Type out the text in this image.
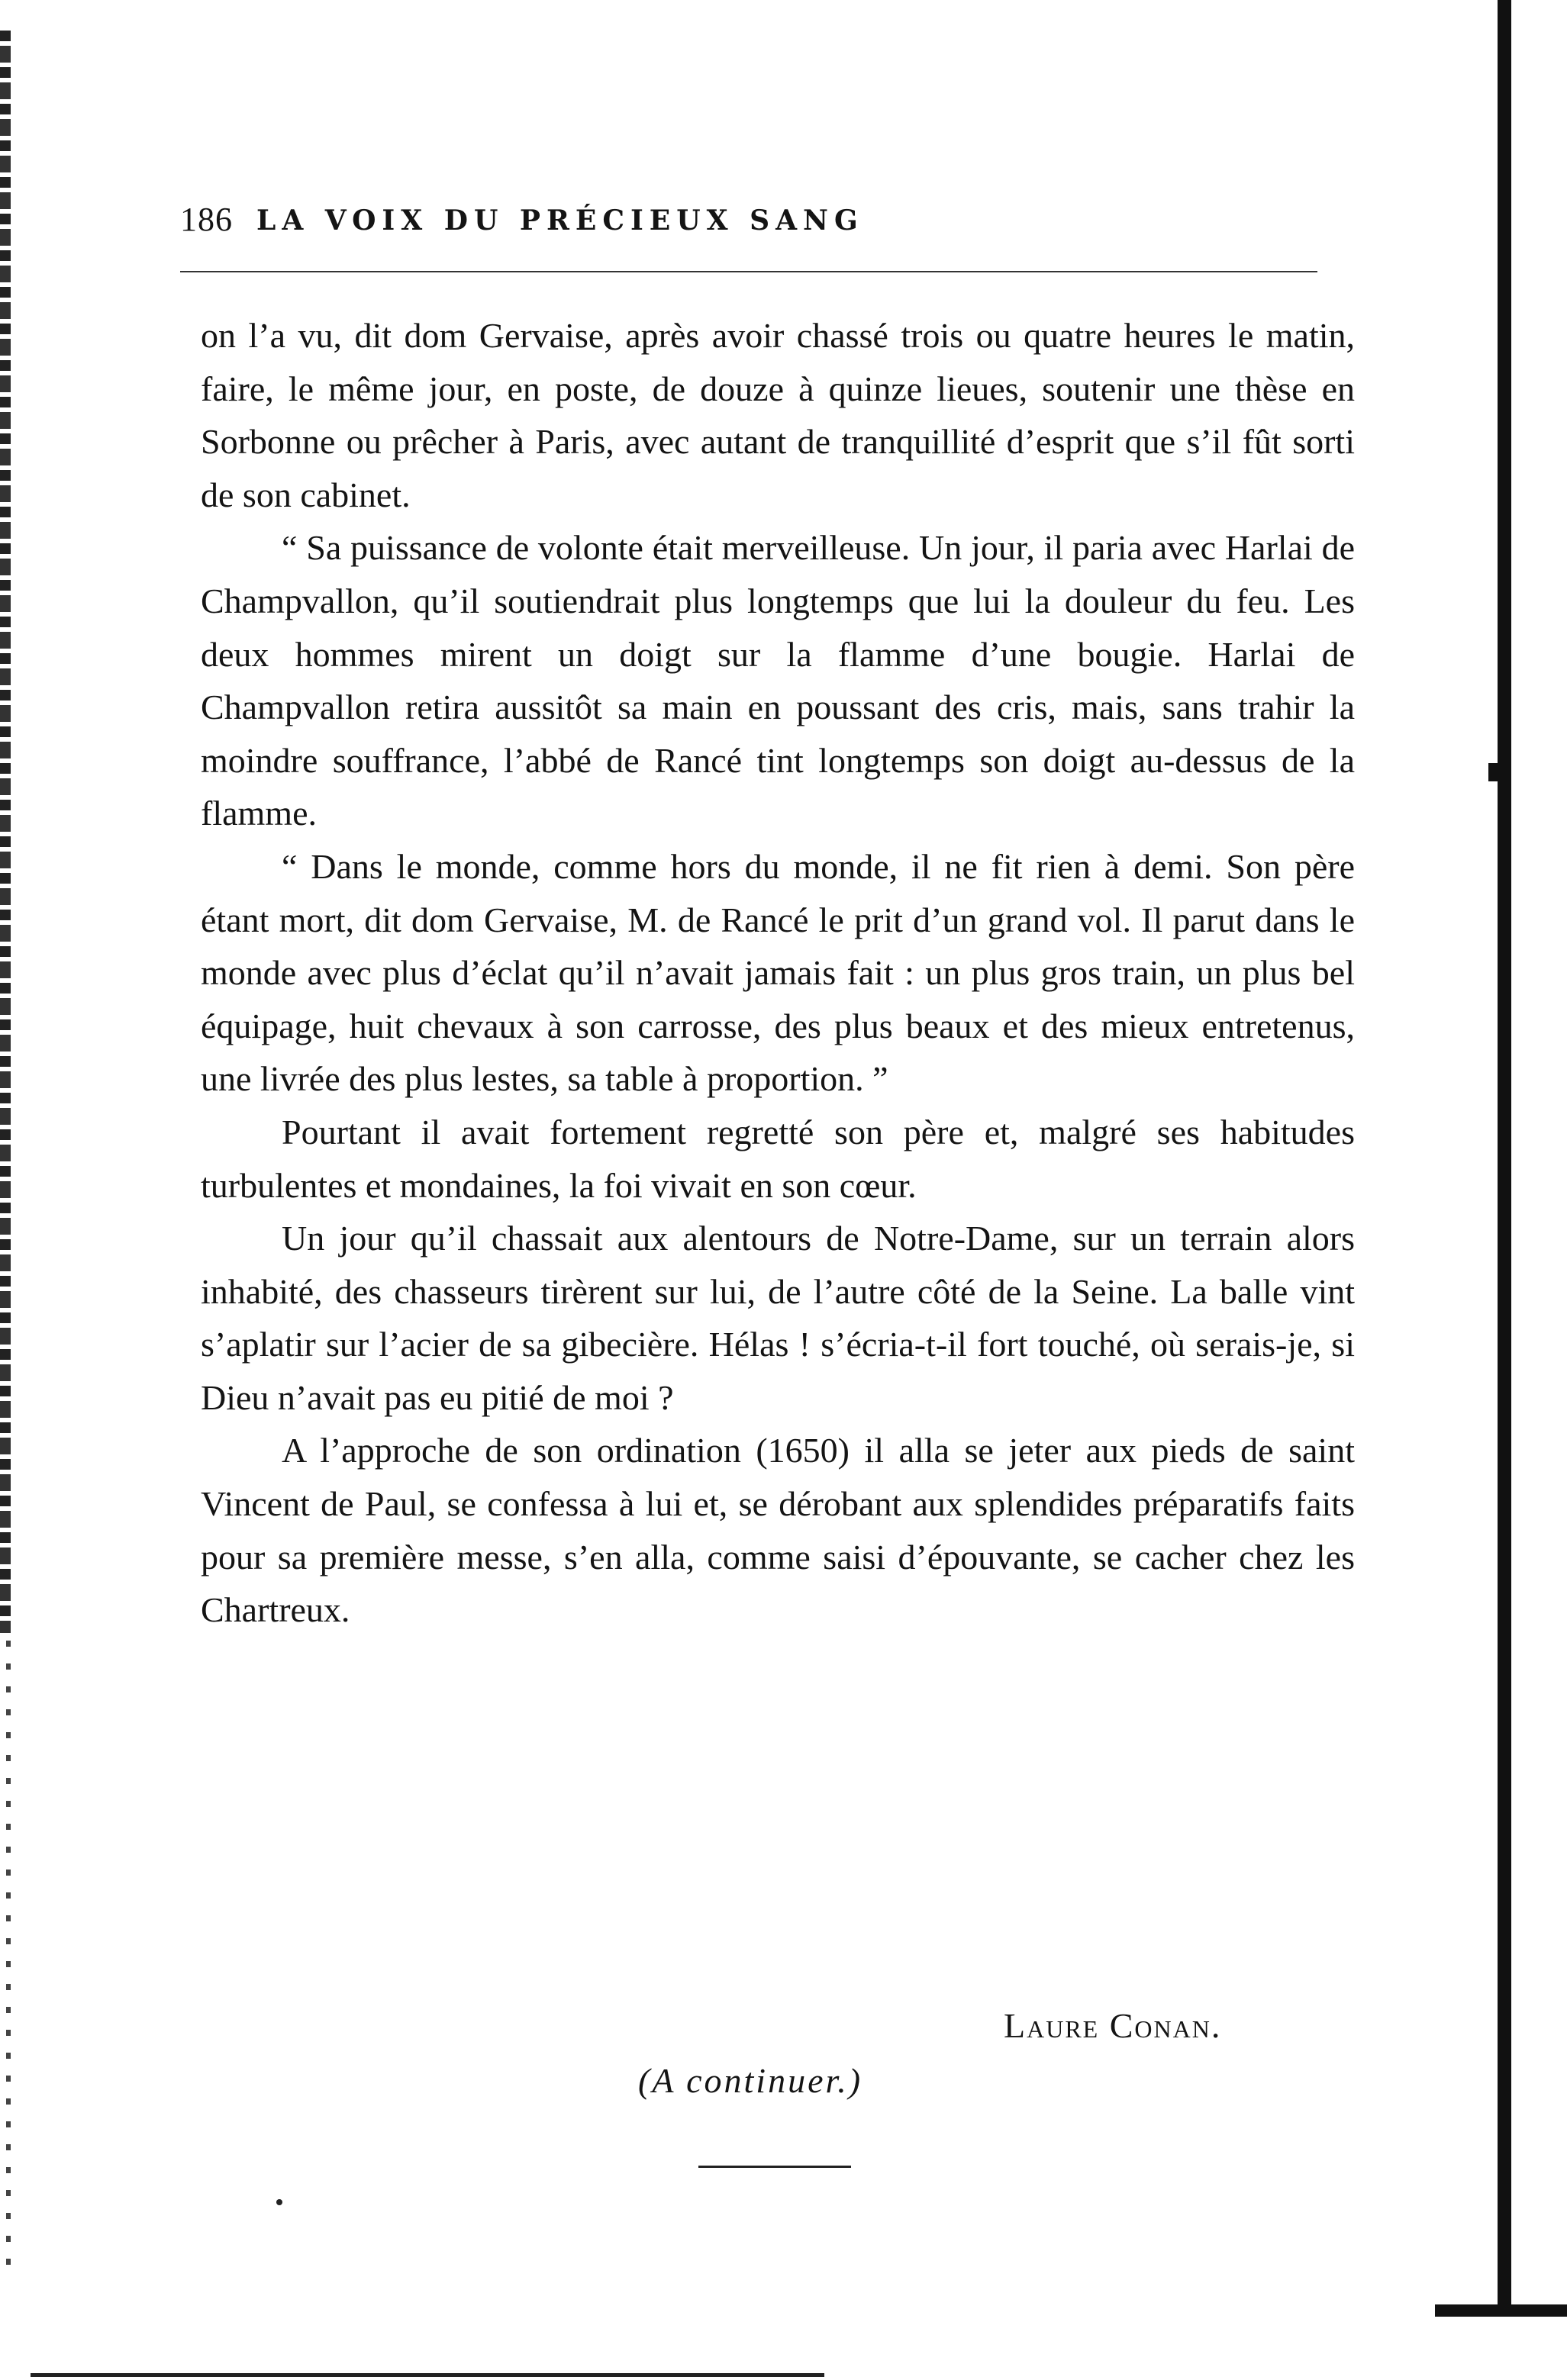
186 LA VOIX DU PRÉCIEUX SANG

on l’a vu, dit dom Gervaise, après avoir chassé trois ou quatre heures le matin, faire, le même jour, en poste, de douze à quinze lieues, soutenir une thèse en Sorbonne ou prêcher à Paris, avec autant de tranquillité d’esprit que s’il fût sorti de son cabinet.

“ Sa puissance de volonte était merveilleuse. Un jour, il paria avec Harlai de Champvallon, qu’il soutiendrait plus longtemps que lui la douleur du feu. Les deux hommes mirent un doigt sur la flamme d’une bougie. Harlai de Champvallon retira aussitôt sa main en poussant des cris, mais, sans trahir la moindre souffrance, l’abbé de Rancé tint longtemps son doigt au-dessus de la flamme.

“ Dans le monde, comme hors du monde, il ne fit rien à demi. Son père étant mort, dit dom Gervaise, M. de Rancé le prit d’un grand vol. Il parut dans le monde avec plus d’éclat qu’il n’avait jamais fait : un plus gros train, un plus bel équipage, huit chevaux à son carrosse, des plus beaux et des mieux entretenus, une livrée des plus lestes, sa table à proportion. ”

Pourtant il avait fortement regretté son père et, malgré ses habitudes turbulentes et mondaines, la foi vivait en son cœur.

Un jour qu’il chassait aux alentours de Notre-Dame, sur un terrain alors inhabité, des chasseurs tirèrent sur lui, de l’autre côté de la Seine. La balle vint s’aplatir sur l’acier de sa gibecière. Hélas ! s’écria-t-il fort touché, où serais-je, si Dieu n’avait pas eu pitié de moi ?

A l’approche de son ordination (1650) il alla se jeter aux pieds de saint Vincent de Paul, se confessa à lui et, se dérobant aux splendides préparatifs faits pour sa première messe, s’en alla, comme saisi d’épouvante, se cacher chez les Chartreux.

Laure Conan.
(A continuer.)
